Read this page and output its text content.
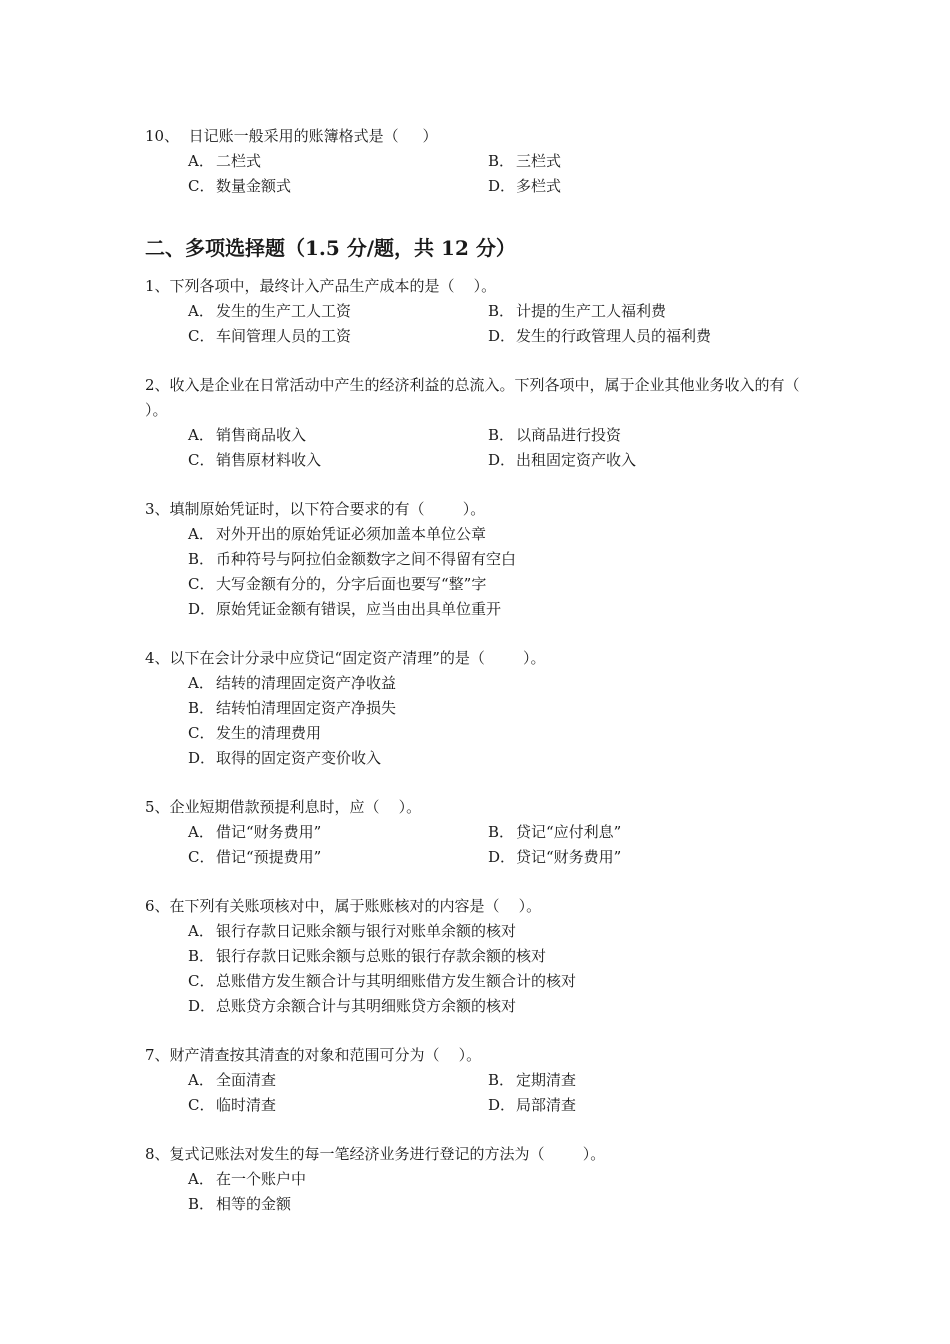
10、  日记账一般采用的账簿格式是（     ）

A． 二栏式	B． 三栏式
C． 数量金额式	D．多栏式
二、多项选择题（1.5 分/题，共 12 分）

1、下列各项中，最终计入产品生产成本的是（    ）。

A． 发生的生产工人工资	B． 计提的生产工人福利费
C． 车间管理人员的工资	D．发生的行政管理人员的福利费

2、收入是企业在日常活动中产生的经济利益的总流入。下列各项中，属于企业其他业务收入的有（    ）。

A． 销售商品收入	B． 以商品进行投资
C． 销售原材料收入	D．出租固定资产收入

3、填制原始凭证时，以下符合要求的有（        ）。

A． 对外开出的原始凭证必须加盖本单位公章
B． 币种符号与阿拉伯金额数字之间不得留有空白
C． 大写金额有分的，分字后面也要写“整”字
D．原始凭证金额有错误，应当由出具单位重开

4、以下在会计分录中应贷记“固定资产清理”的是（        ）。

A． 结转的清理固定资产净收益
B． 结转怕清理固定资产净损失
C． 发生的清理费用
D．取得的固定资产变价收入

5、企业短期借款预提利息时，应（    ）。

A． 借记“财务费用”	B． 贷记“应付利息”
C． 借记“预提费用”	D．贷记“财务费用”

6、在下列有关账项核对中，属于账账核对的内容是（    ）。

A． 银行存款日记账余额与银行对账单余额的核对
B． 银行存款日记账余额与总账的银行存款余额的核对
C． 总账借方发生额合计与其明细账借方发生额合计的核对
D．总账贷方余额合计与其明细账贷方余额的核对

7、财产清查按其清查的对象和范围可分为（    ）。

A． 全面清查	B． 定期清查
C． 临时清查	D．局部清查

8、复式记账法对发生的每一笔经济业务进行登记的方法为（        ）。

A． 在一个账户中
B． 相等的金额
